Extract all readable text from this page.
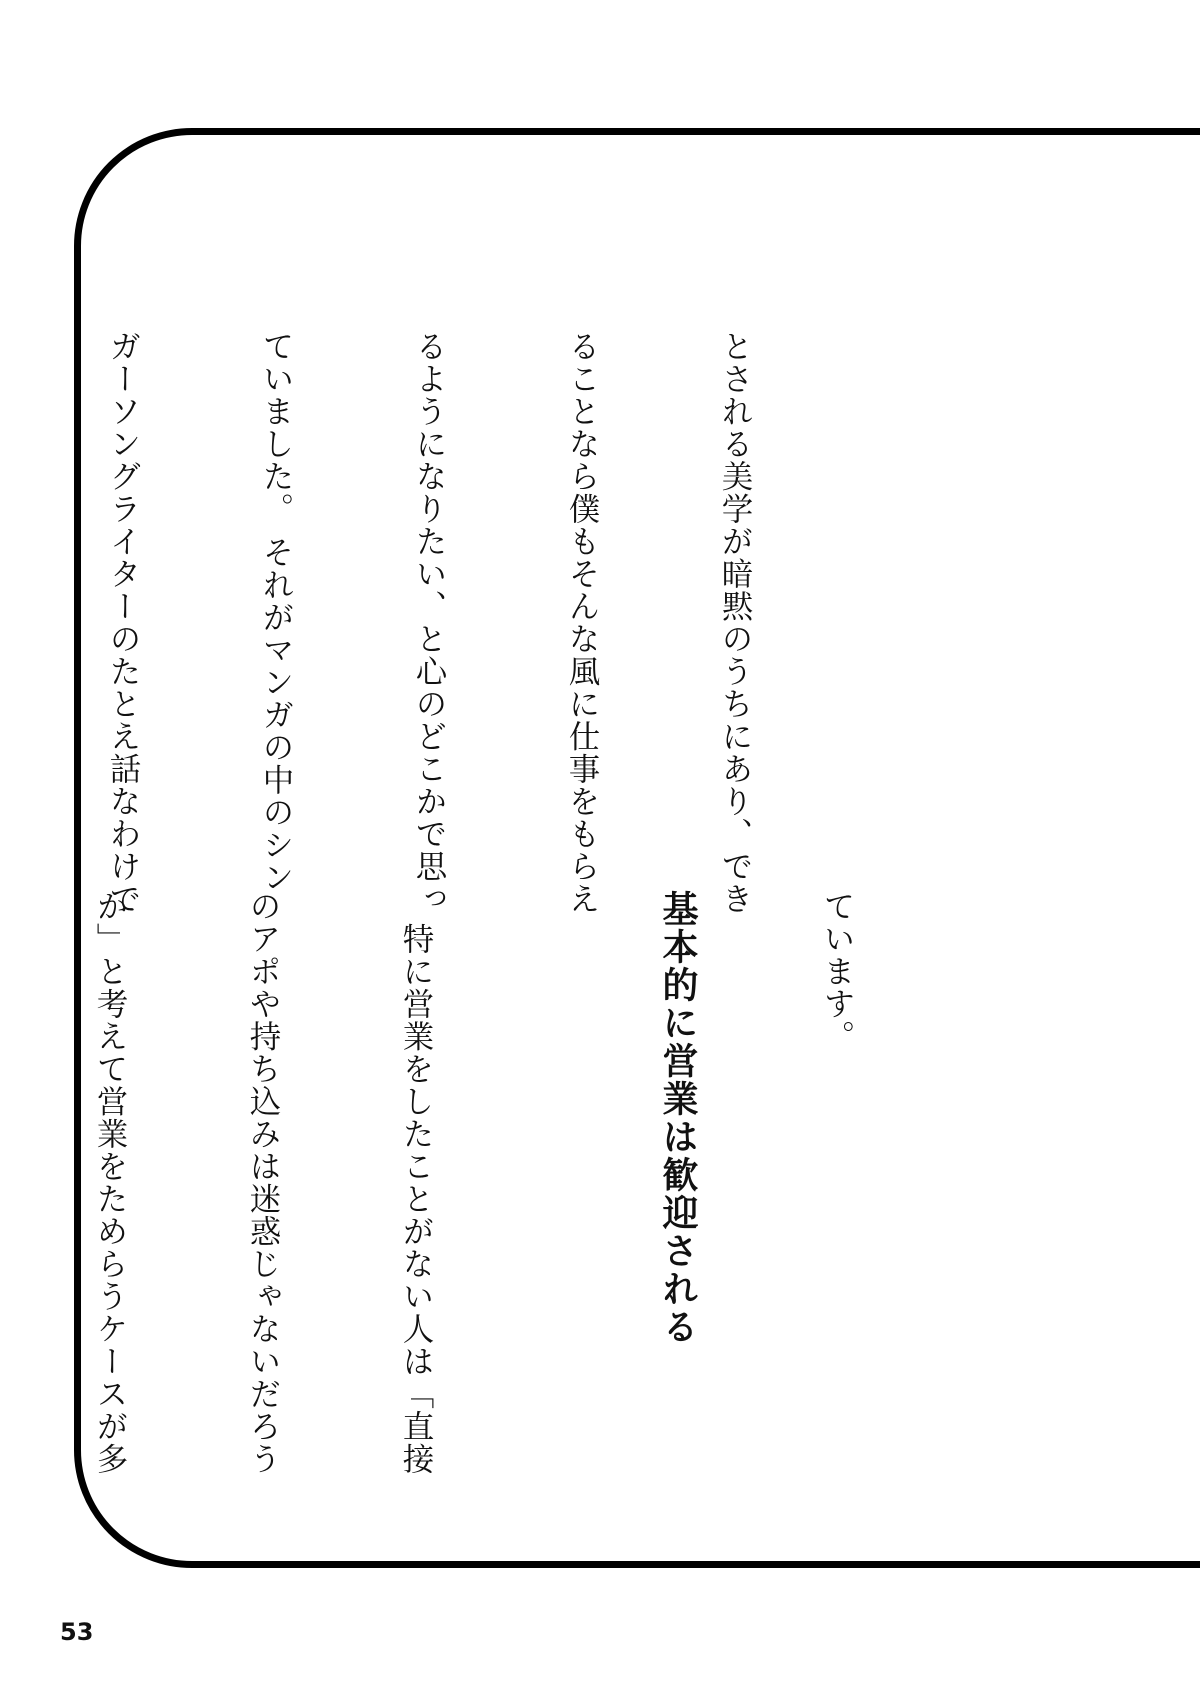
とされる美学が暗黙のうちにあり、でき

ることなら僕もそんな風に仕事をもらえ

るようになりたい、と心のどこかで思っ

ていました。 それがマンガの中のシン

ガーソングライターのたとえ話なわけで

ています。

基本的に営業は歓迎される

　特に営業をしたことがない人は「直接

のアポや持ち込みは迷惑じゃないだろう

か」と考えて営業をためらうケースが多

53
